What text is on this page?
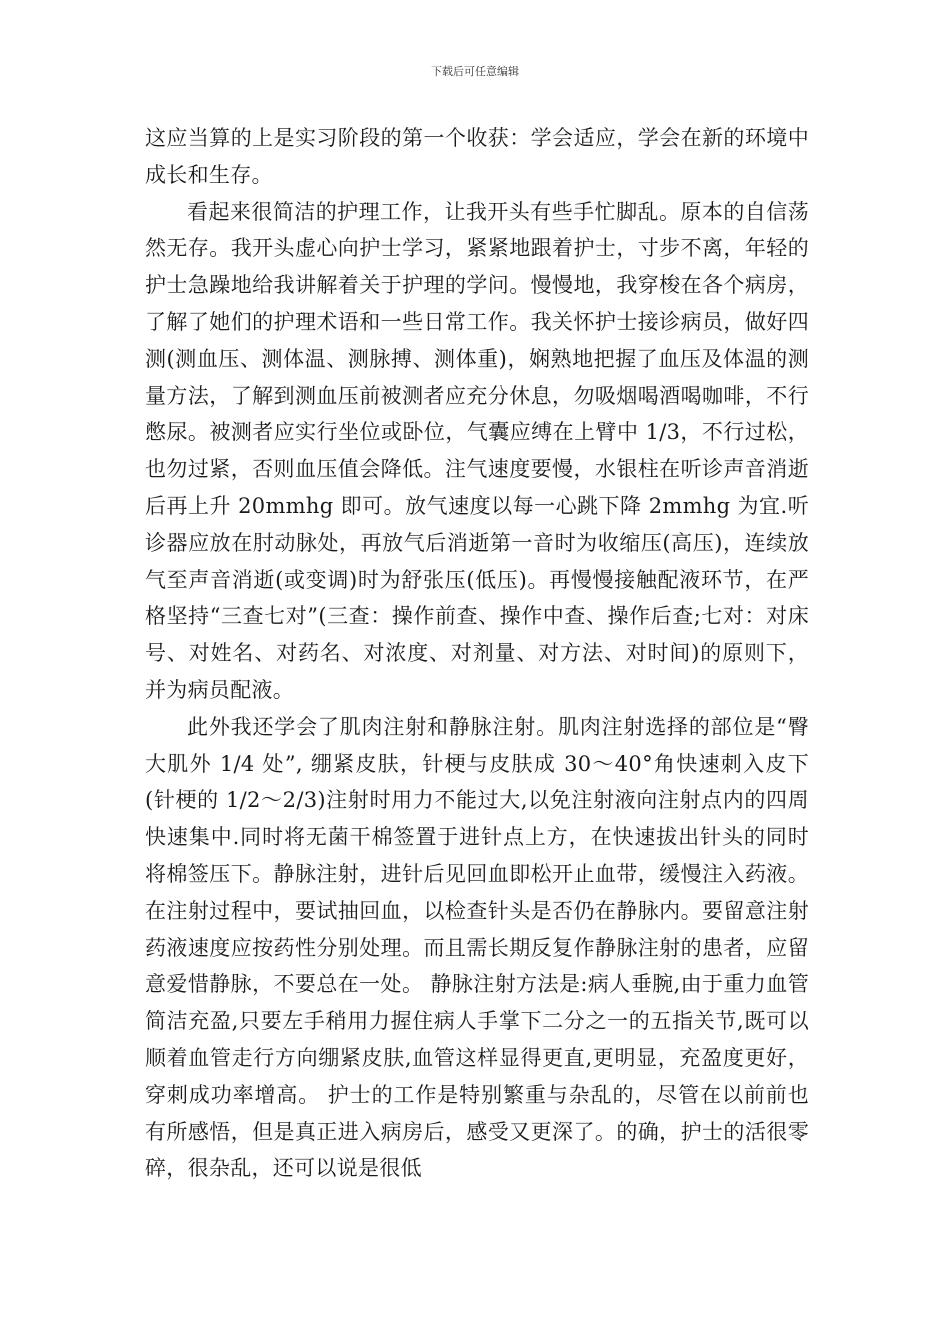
下载后可任意编辑

这应当算的上是实习阶段的第一个收获：学会适应，学会在新的环境中成长和生存。

看起来很简洁的护理工作，让我开头有些手忙脚乱。原本的自信荡然无存。我开头虚心向护士学习，紧紧地跟着护士，寸步不离，年轻的护士急躁地给我讲解着关于护理的学问。慢慢地，我穿梭在各个病房，了解了她们的护理术语和一些日常工作。我关怀护士接诊病员，做好四测(测血压、测体温、测脉搏、测体重)，娴熟地把握了血压及体温的测量方法，了解到测血压前被测者应充分休息，勿吸烟喝酒喝咖啡，不行憋尿。被测者应实行坐位或卧位，气囊应缚在上臂中 1/3，不行过松，也勿过紧，否则血压值会降低。注气速度要慢，水银柱在听诊声音消逝后再上升 20mmhg 即可。放气速度以每一心跳下降 2mmhg 为宜.听诊器应放在肘动脉处，再放气后消逝第一音时为收缩压(高压)，连续放气至声音消逝(或变调)时为舒张压(低压)。再慢慢接触配液环节，在严格坚持“三查七对”(三查：操作前查、操作中查、操作后查;七对：对床号、对姓名、对药名、对浓度、对剂量、对方法、对时间)的原则下，并为病员配液。

此外我还学会了肌肉注射和静脉注射。肌肉注射选择的部位是“臀大肌外 1/4 处”, 绷紧皮肤，针梗与皮肤成 30～40°角快速刺入皮下(针梗的 1/2～2/3)注射时用力不能过大,以免注射液向注射点内的四周快速集中.同时将无菌干棉签置于进针点上方，在快速拔出针头的同时将棉签压下。静脉注射，进针后见回血即松开止血带，缓慢注入药液。在注射过程中，要试抽回血，以检查针头是否仍在静脉内。要留意注射药液速度应按药性分别处理。而且需长期反复作静脉注射的患者，应留意爱惜静脉，不要总在一处。 静脉注射方法是:病人垂腕,由于重力血管简洁充盈,只要左手稍用力握住病人手掌下二分之一的五指关节,既可以顺着血管走行方向绷紧皮肤,血管这样显得更直,更明显，充盈度更好，穿刺成功率增高。 护士的工作是特别繁重与杂乱的，尽管在以前前也有所感悟，但是真正进入病房后，感受又更深了。的确，护士的活很零碎，很杂乱，还可以说是很低
